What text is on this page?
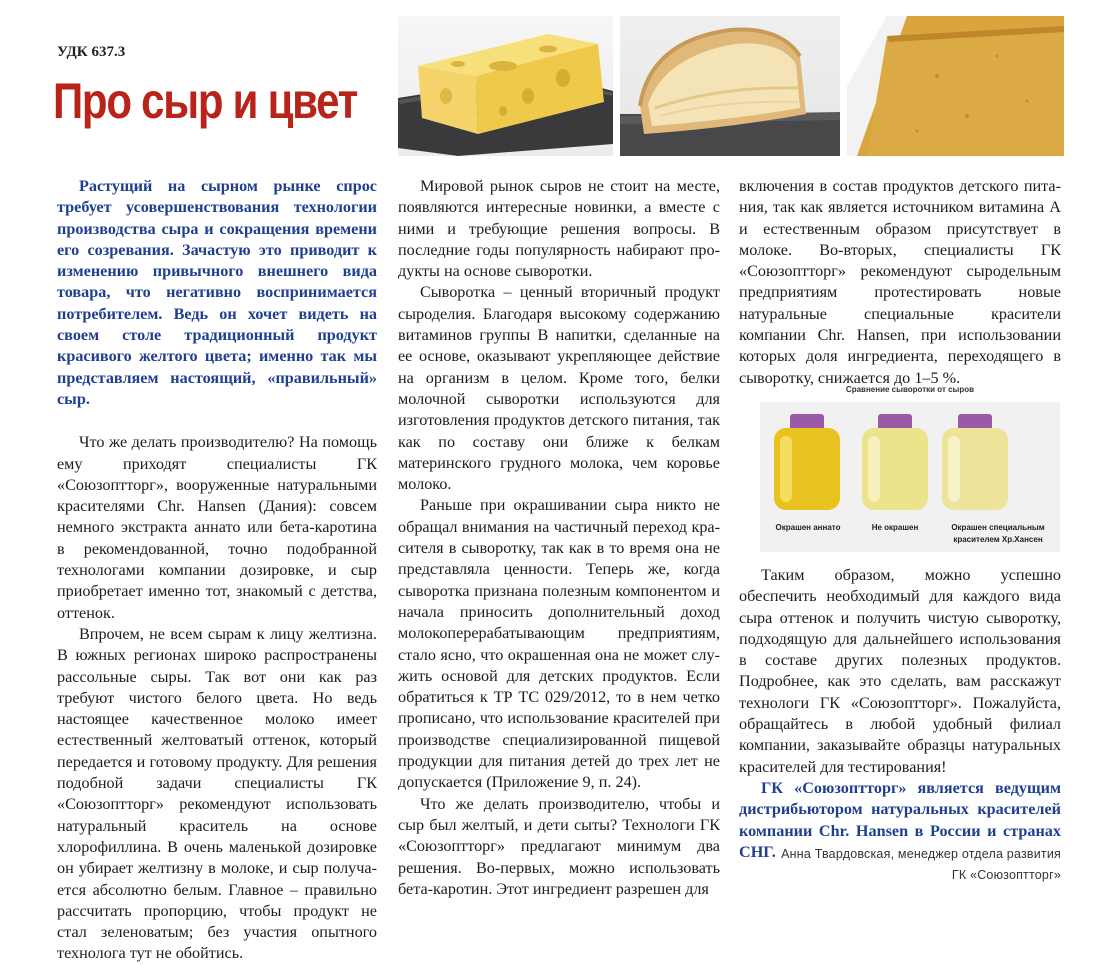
УДК 637.3
Про сыр и цвет

Растущий на сырном рынке спрос требует усовершенствования технологии производства сыра и сокращения времени его созревания. Зачастую это приводит к изменению привычного внешнего вида товара, что негативно воспринимается потребителем. Ведь он хочет видеть на своем столе традиционный продукт красивого желтого цвета; именно так мы представляем настоящий, «правильный» сыр.

Что же делать производителю? На помощь ему приходят специалисты ГК «Союзоптторг», вооруженные натуральными красителями Chr. Hansen (Дания): совсем немного экстракта аннато или бета-каротина в рекомендованной, точно подобранной технологами компании дозировке, и сыр приобретает именно тот, знакомый с детства, оттенок.

Впрочем, не всем сырам к лицу желтизна. В южных регионах широко распространены рассольные сыры. Так вот они как раз требуют чистого белого цвета. Но ведь настоящее качественное молоко имеет естественный желтоватый оттенок, который передается и готовому продукту. Для решения подобной задачи специалисты ГК «Союзоптторг» рекомендуют использовать натуральный краситель на основе хлорофиллина. В очень маленькой дозировке он убирает желтизну в молоке, и сыр получается абсолютно белым. Главное – правильно рассчитать пропорцию, чтобы продукт не стал зеленоватым; без участия опытного технолога тут не обойтись.

Мировой рынок сыров не стоит на месте, появляются интересные новинки, а вместе с ними и требующие решения вопросы. В последние годы популярность набирают продукты на основе сыворотки.

Сыворотка – ценный вторичный продукт сыроделия. Благодаря высокому содержанию витаминов группы В напитки, сделанные на ее основе, оказывают укрепляющее действие на организм в целом. Кроме того, белки молочной сыворотки используются для изготовления продуктов детского питания, так как по составу они ближе к белкам материнского грудного молока, чем коровье молоко.

Раньше при окрашивании сыра никто не обращал внимания на частичный переход красителя в сыворотку, так как в то время она не представляла ценности. Теперь же, когда сыворотка признана полезным компонентом и начала приносить дополнительный доход молокоперерабатывающим предприятиям, стало ясно, что окрашенная она не может служить основой для детских продуктов. Если обратиться к ТР ТС 029/2012, то в нем четко прописано, что использование красителей при производстве специализированной пищевой продукции для питания детей до трех лет не допускается (Приложение 9, п. 24).

Что же делать производителю, чтобы и сыр был желтый, и дети сыты? Технологи ГК «Союзоптторг» предлагают минимум два решения. Во-первых, можно использовать бета-каротин. Этот ингредиент разрешен для

включения в состав продуктов детского питания, так как является источником витамина А и естественным образом присутствует в молоке. Во-вторых, специалисты ГК «Союзоптторг» рекомендуют сыродельным предприятиям протестировать новые натуральные специальные красители компании Chr. Hansen, при использовании которых доля ингредиента, переходящего в сыворотку, снижается до 1–5 %.

Сравнение сыворотки от сыров
Окрашен аннато	Не окрашен	Окрашен специальным красителем Хр.Хансен

Таким образом, можно успешно обеспечить необходимый для каждого вида сыра оттенок и получить чистую сыворотку, подходящую для дальнейшего использования в составе других полезных продуктов. Подробнее, как это сделать, вам расскажут технологи ГК «Союзоптторг». Пожалуйста, обращайтесь в любой удобный филиал компании, заказывайте образцы натуральных красителей для тестирования!

ГК «Союзоптторг» является ведущим дистрибьютором натуральных красителей компании Chr. Hansen в России и странах СНГ. Анна Твардовская, менеджер отдела развития
ГК «Союзоптторг»
